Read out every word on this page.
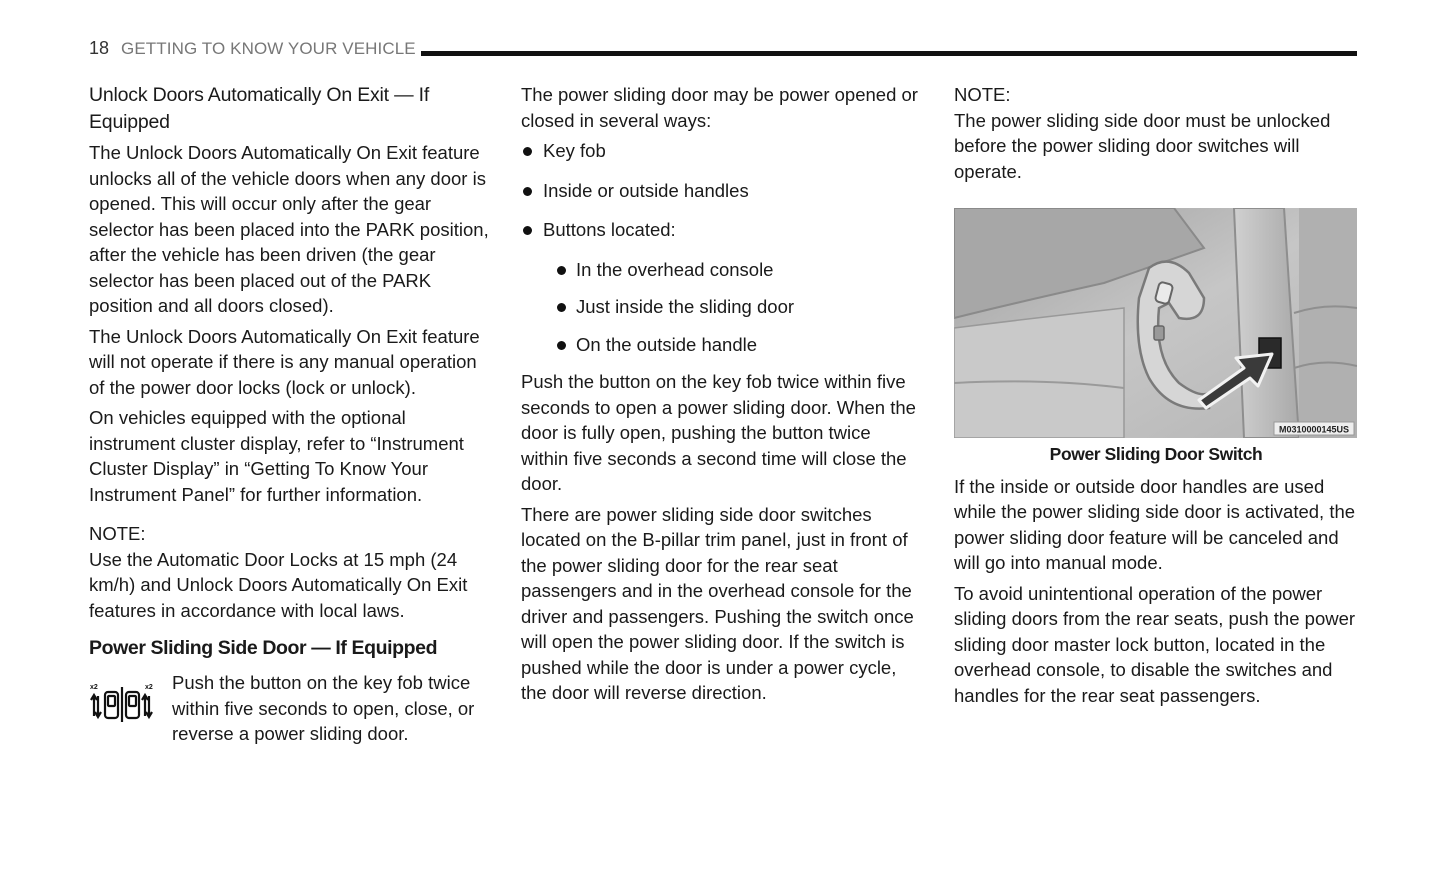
18 GETTING TO KNOW YOUR VEHICLE
Unlock Doors Automatically On Exit — If Equipped

The Unlock Doors Automatically On Exit feature unlocks all of the vehicle doors when any door is opened. This will occur only after the gear selector has been placed into the PARK position, after the vehicle has been driven (the gear selector has been placed out of the PARK position and all doors closed).

The Unlock Doors Automatically On Exit feature will not operate if there is any manual operation of the power door locks (lock or unlock).

On vehicles equipped with the optional instrument cluster display, refer to “Instrument Cluster Display” in “Getting To Know Your Instrument Panel” for further information.

NOTE:

Use the Automatic Door Locks at 15 mph (24 km/h) and Unlock Doors Automatically On Exit features in accordance with local laws.

Power Sliding Side Door — If Equipped
x2	x2 Push the button on the key fob twice within five seconds to open, close, or reverse a power sliding door.

The power sliding door may be power opened or closed in several ways:

Key fob
Inside or outside handles
Buttons located:
In the overhead console
Just inside the sliding door
On the outside handle

Push the button on the key fob twice within five seconds to open a power sliding door. When the door is fully open, pushing the button twice within five seconds a second time will close the door.

There are power sliding side door switches located on the B-pillar trim panel, just in front of the power sliding door for the rear seat passengers and in the overhead console for the driver and passengers. Pushing the switch once will open the power sliding door. If the switch is pushed while the door is under a power cycle, the door will reverse direction.

NOTE:

The power sliding side door must be unlocked before the power sliding door switches will operate.

M0310000145US
Power Sliding Door Switch

If the inside or outside door handles are used while the power sliding side door is activated, the power sliding door feature will be canceled and will go into manual mode.

To avoid unintentional operation of the power sliding doors from the rear seats, push the power sliding door master lock button, located in the overhead console, to disable the switches and handles for the rear seat passengers.
